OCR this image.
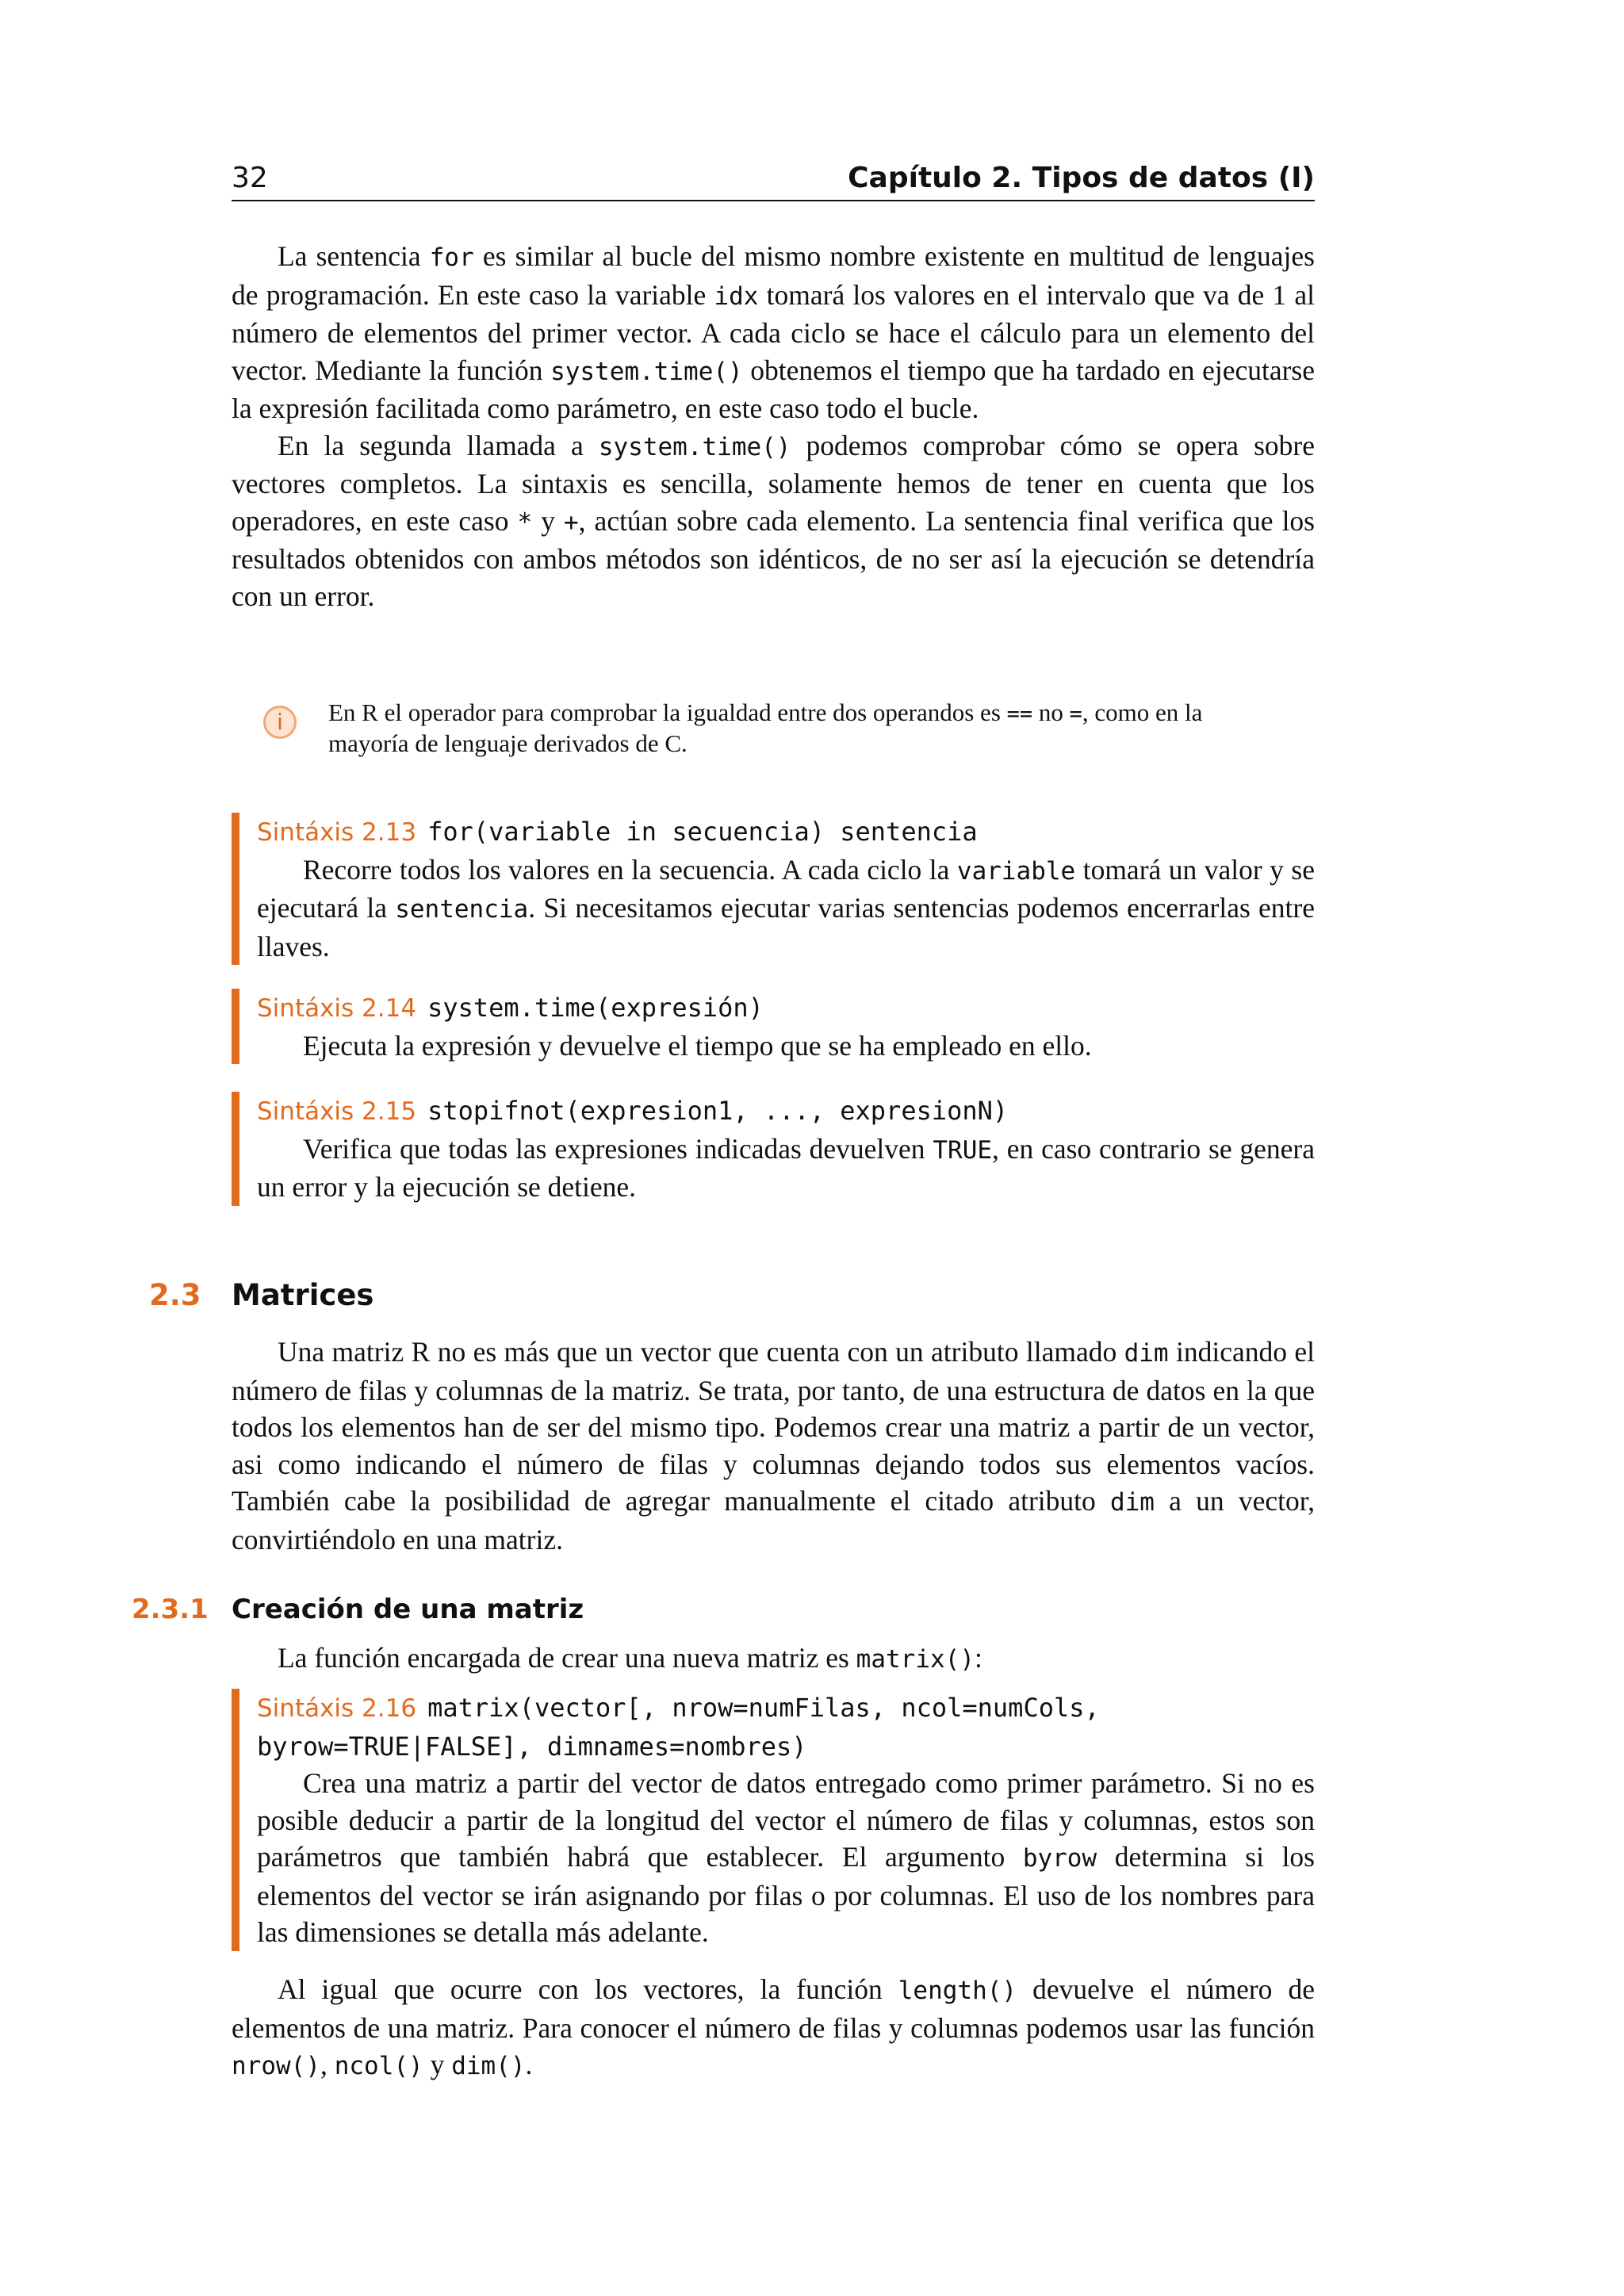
32	Capítulo 2. Tipos de datos (I)

La sentencia for es similar al bucle del mismo nombre existente en multitud de lenguajes de programación. En este caso la variable idx tomará los valores en el intervalo que va de 1 al número de elementos del primer vector. A cada ciclo se hace el cálculo para un elemento del vector. Mediante la función system.time() obtenemos el tiempo que ha tardado en ejecutarse la expresión facilitada como parámetro, en este caso todo el bucle.

En la segunda llamada a system.time() podemos comprobar cómo se opera sobre vectores completos. La sintaxis es sencilla, solamente hemos de tener en cuenta que los operadores, en este caso * y +, actúan sobre cada elemento. La sentencia final verifica que los resultados obtenidos con ambos métodos son idénticos, de no ser así la ejecución se detendría con un error.

i	En R el operador para comprobar la igualdad entre dos operandos es == no =, como en la mayoría de lenguaje derivados de C.
Sintáxis 2.13 for(variable in secuencia) sentencia

Recorre todos los valores en la secuencia. A cada ciclo la variable tomará un valor y se ejecutará la sentencia. Si necesitamos ejecutar varias sentencias podemos encerrarlas entre llaves.

Sintáxis 2.14 system.time(expresión)

Ejecuta la expresión y devuelve el tiempo que se ha empleado en ello.

Sintáxis 2.15 stopifnot(expresion1, ..., expresionN)

Verifica que todas las expresiones indicadas devuelven TRUE, en caso contrario se genera un error y la ejecución se detiene.

2.3 Matrices

Una matriz R no es más que un vector que cuenta con un atributo llamado dim indicando el número de filas y columnas de la matriz. Se trata, por tanto, de una estructura de datos en la que todos los elementos han de ser del mismo tipo. Podemos crear una matriz a partir de un vector, asi como indicando el número de filas y columnas dejando todos sus elementos vacíos. También cabe la posibilidad de agregar manualmente el citado atributo dim a un vector, convirtiéndolo en una matriz.

2.3.1 Creación de una matriz

La función encargada de crear una nueva matriz es matrix():

Sintáxis 2.16 matrix(vector[, nrow=numFilas, ncol=numCols, byrow=TRUE|FALSE], dimnames=nombres)

Crea una matriz a partir del vector de datos entregado como primer parámetro. Si no es posible deducir a partir de la longitud del vector el número de filas y columnas, estos son parámetros que también habrá que establecer. El argumento byrow determina si los elementos del vector se irán asignando por filas o por columnas. El uso de los nombres para las dimensiones se detalla más adelante.

Al igual que ocurre con los vectores, la función length() devuelve el número de elementos de una matriz. Para conocer el número de filas y columnas podemos usar las función nrow(), ncol() y dim().
